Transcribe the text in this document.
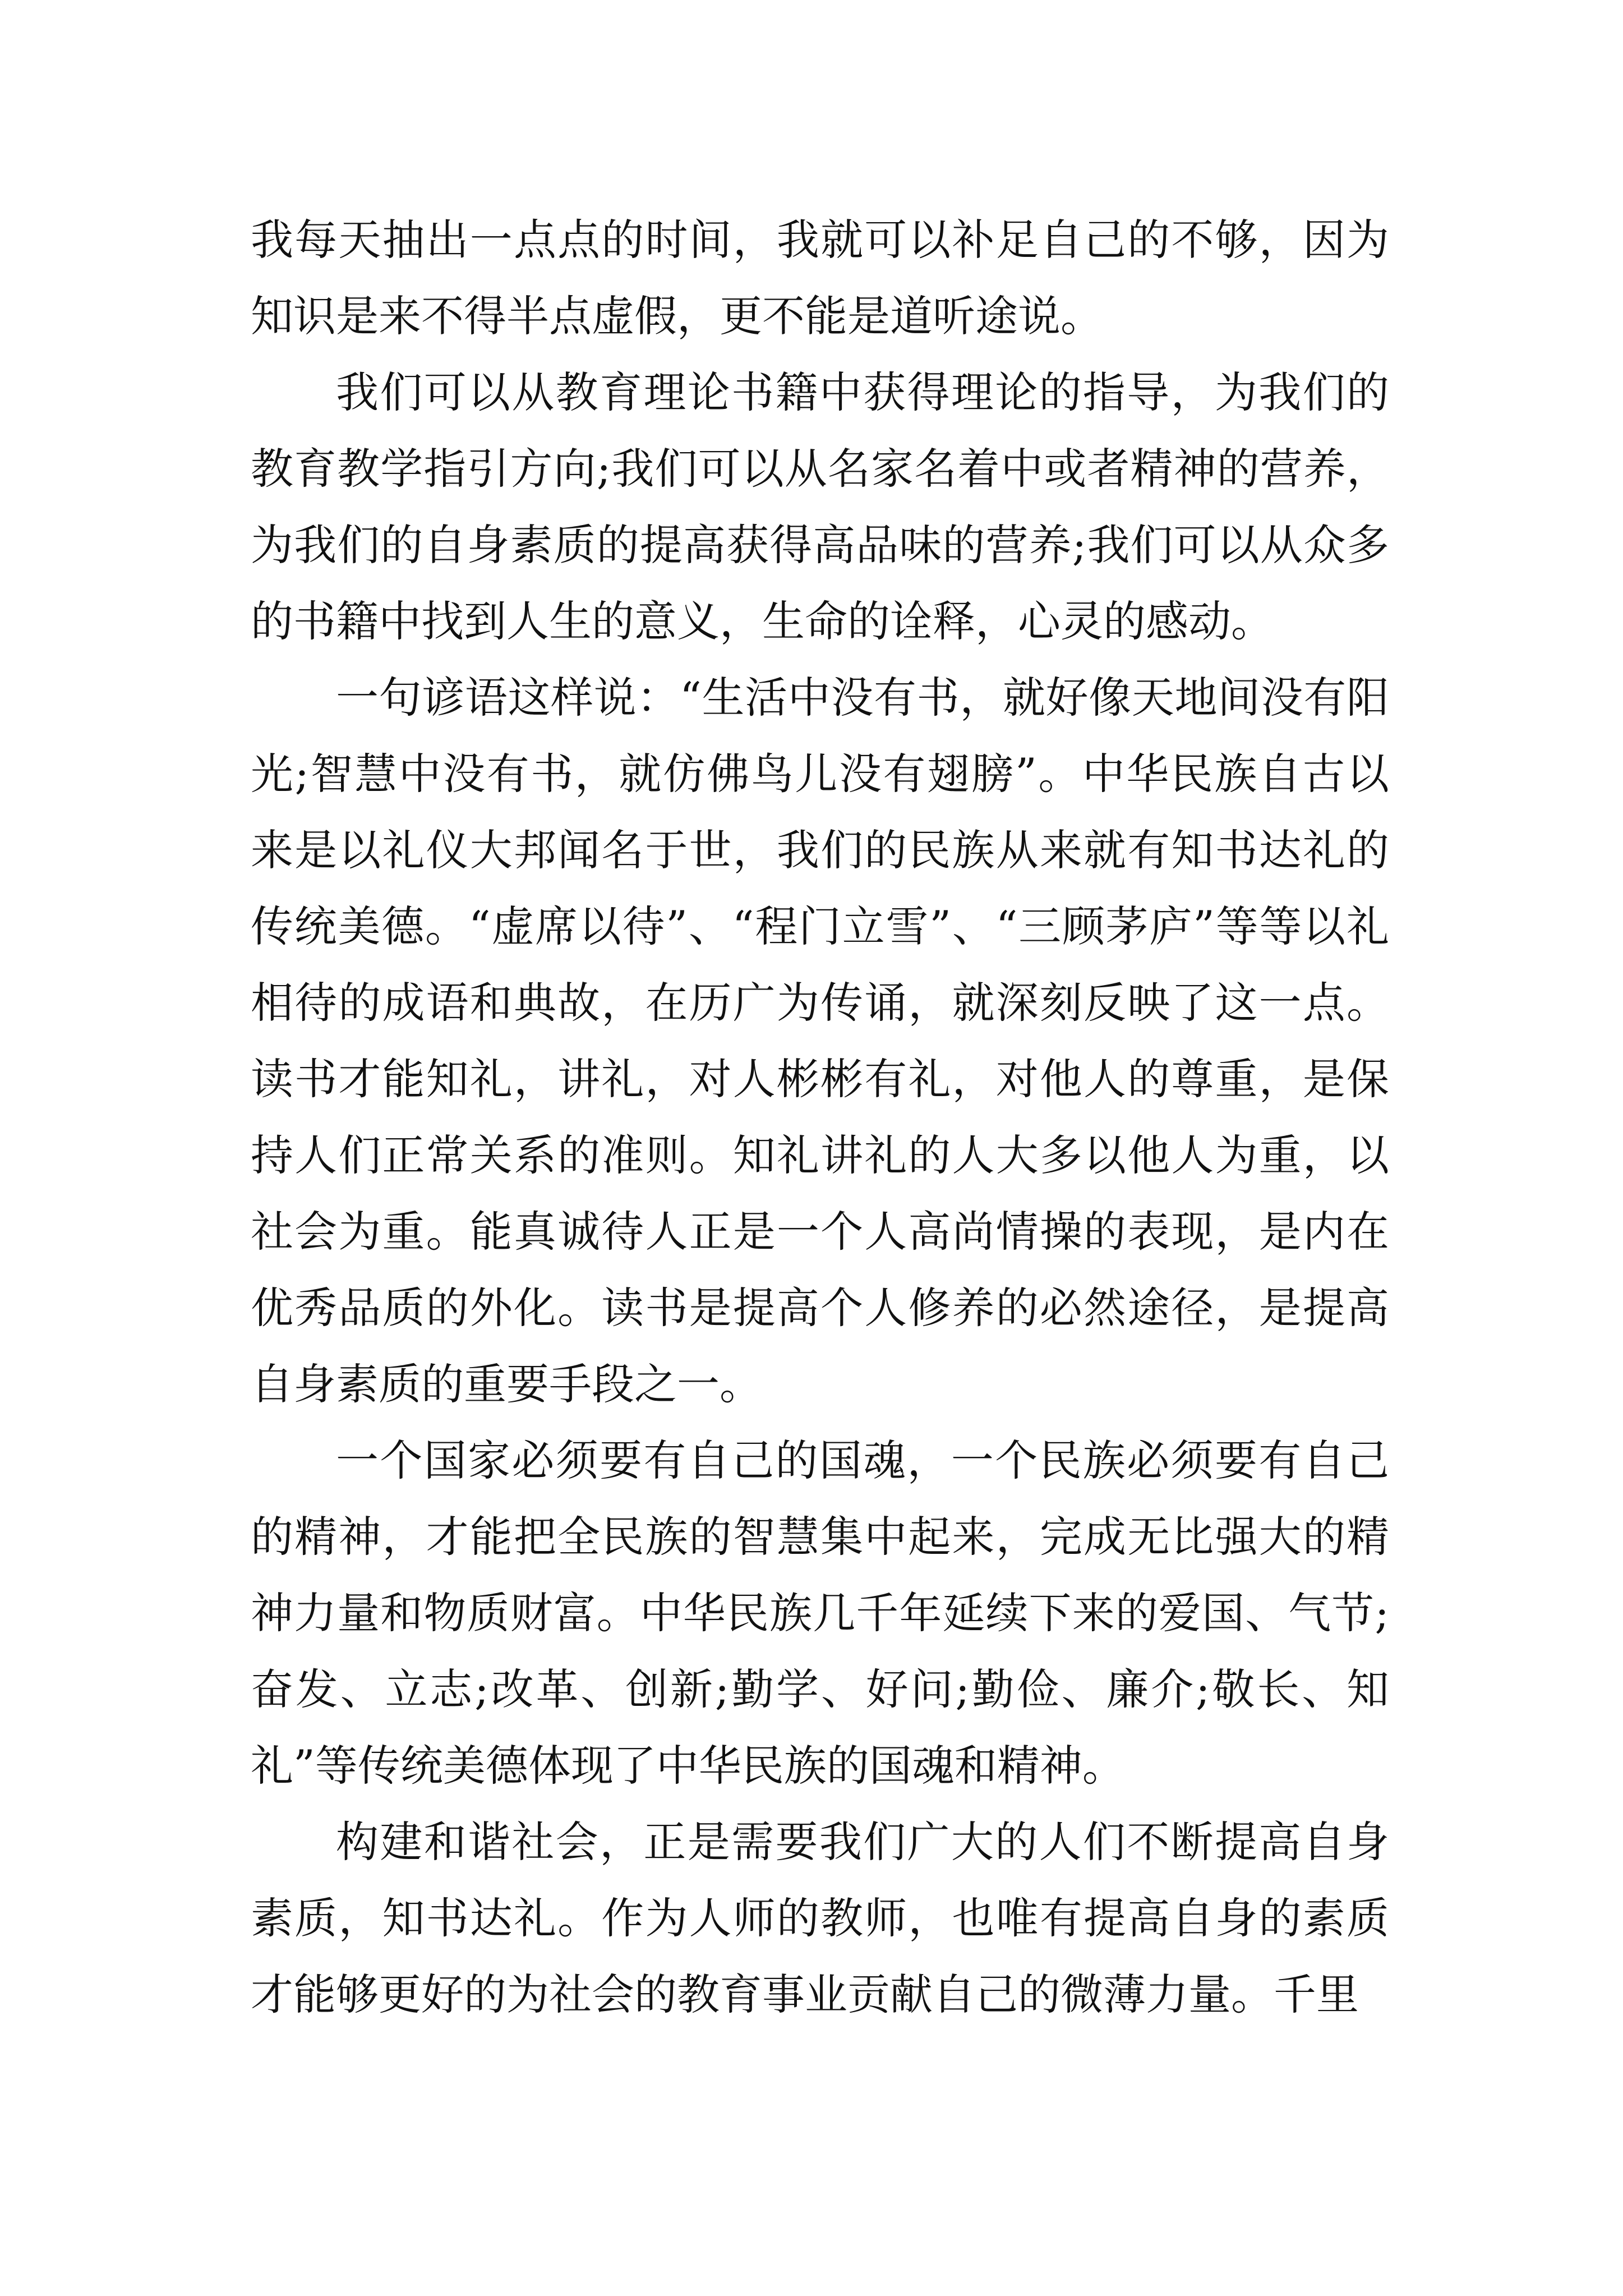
我每天抽出一点点的时间，我就可以补足自己的不够，因为知识是来不得半点虚假，更不能是道听途说。

我们可以从教育理论书籍中获得理论的指导，为我们的教育教学指引方向;我们可以从名家名着中或者精神的营养，为我们的自身素质的提高获得高品味的营养;我们可以从众多的书籍中找到人生的意义，生命的诠释，心灵的感动。

一句谚语这样说：“生活中没有书，就好像天地间没有阳光;智慧中没有书，就仿佛鸟儿没有翅膀”。中华民族自古以来是以礼仪大邦闻名于世，我们的民族从来就有知书达礼的传统美德。“虚席以待”、“程门立雪”、“三顾茅庐”等等以礼相待的成语和典故，在历广为传诵，就深刻反映了这一点。读书才能知礼，讲礼，对人彬彬有礼，对他人的尊重，是保持人们正常关系的准则。知礼讲礼的人大多以他人为重，以社会为重。能真诚待人正是一个人高尚情操的表现，是内在优秀品质的外化。读书是提高个人修养的必然途径，是提高自身素质的重要手段之一。

一个国家必须要有自己的国魂，一个民族必须要有自己的精神，才能把全民族的智慧集中起来，完成无比强大的精神力量和物质财富。中华民族几千年延续下来的爱国、气节;奋发、立志;改革、创新;勤学、好问;勤俭、廉介;敬长、知礼”等传统美德体现了中华民族的国魂和精神。

构建和谐社会，正是需要我们广大的人们不断提高自身素质，知书达礼。作为人师的教师，也唯有提高自身的素质才能够更好的为社会的教育事业贡献自己的微薄力量。千里
